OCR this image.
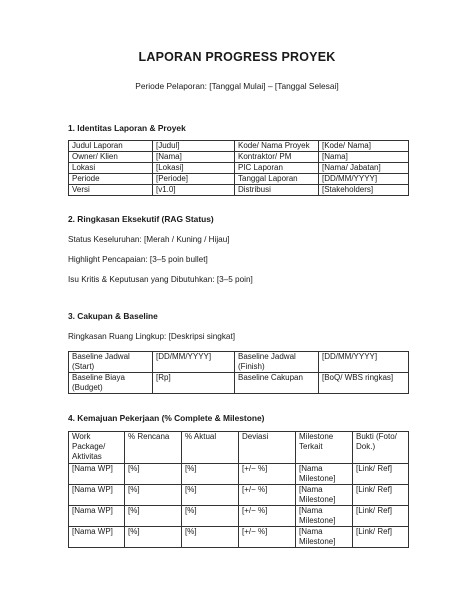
LAPORAN PROGRESS PROYEK
Periode Pelaporan: [Tanggal Mulai] – [Tanggal Selesai]
1. Identitas Laporan & Proyek
Judul Laporan	[Judul]	Kode/ Nama Proyek	[Kode/ Nama]
Owner/ Klien	[Nama]	Kontraktor/ PM	[Nama]
Lokasi	[Lokasi]	PIC Laporan	[Nama/ Jabatan]
Periode	[Periode]	Tanggal Laporan	[DD/MM/YYYY]
Versi	[v1.0]	Distribusi	[Stakeholders]
2. Ringkasan Eksekutif (RAG Status)
Status Keseluruhan: [Merah / Kuning / Hijau]
Highlight Pencapaian: [3–5 poin bullet]
Isu Kritis & Keputusan yang Dibutuhkan: [3–5 poin]
3. Cakupan & Baseline
Ringkasan Ruang Lingkup: [Deskripsi singkat]
Baseline Jadwal (Start)	[DD/MM/YYYY]	Baseline Jadwal (Finish)	[DD/MM/YYYY]
Baseline Biaya (Budget)	[Rp]	Baseline Cakupan	[BoQ/ WBS ringkas]
4. Kemajuan Pekerjaan (% Complete & Milestone)
Work Package/ Aktivitas	% Rencana	% Aktual	Deviasi	Milestone Terkait	Bukti (Foto/ Dok.)
[Nama WP]	[%]	[%]	[+/− %]	[Nama Milestone]	[Link/ Ref]
[Nama WP]	[%]	[%]	[+/− %]	[Nama Milestone]	[Link/ Ref]
[Nama WP]	[%]	[%]	[+/− %]	[Nama Milestone]	[Link/ Ref]
[Nama WP]	[%]	[%]	[+/− %]	[Nama Milestone]	[Link/ Ref]
